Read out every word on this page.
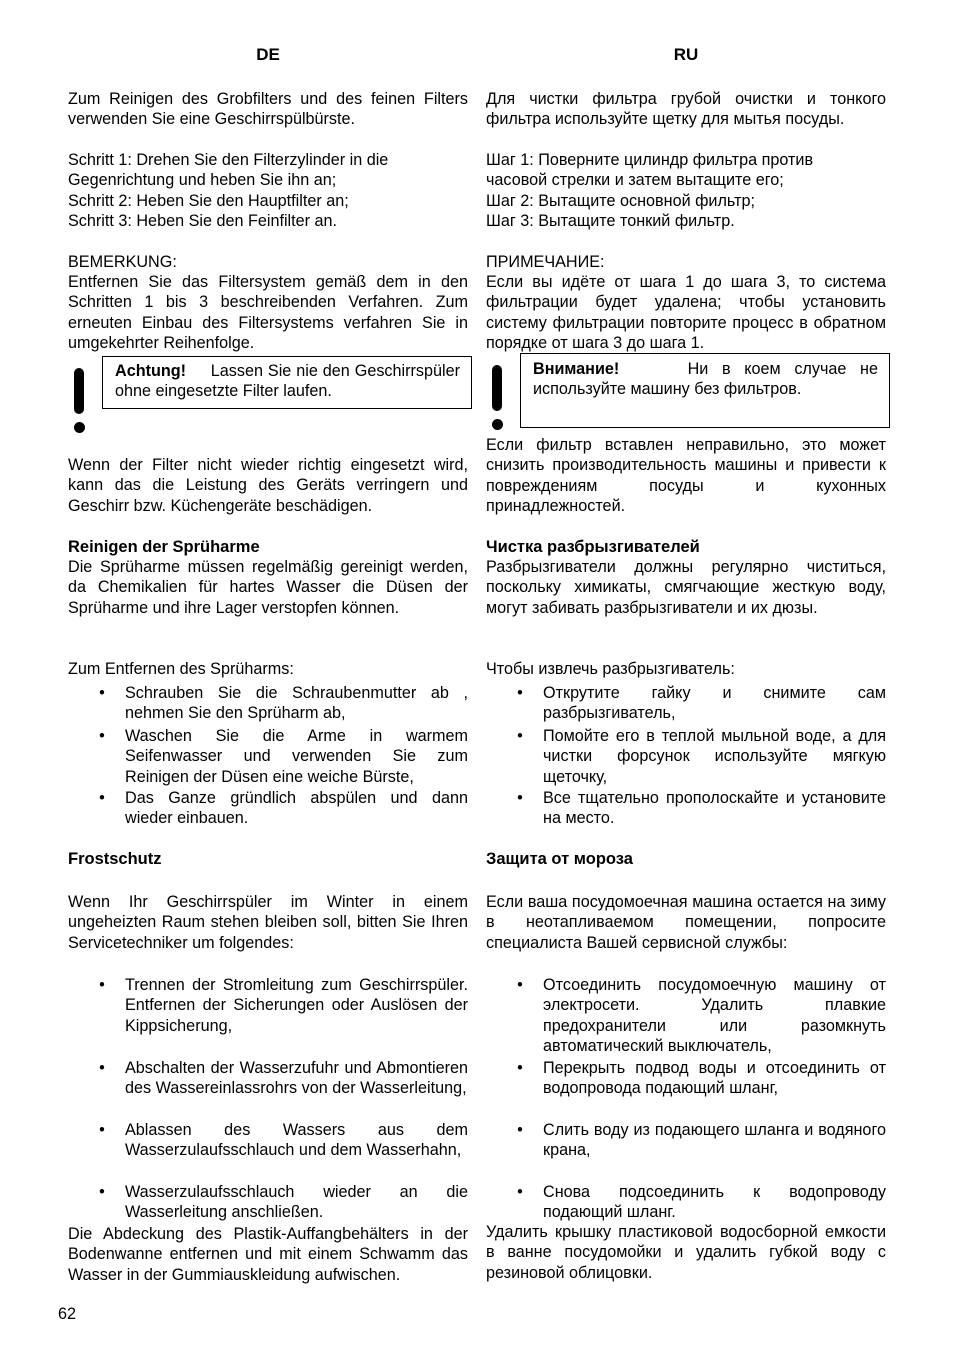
DE

Zum Reinigen des Grobfilters und des feinen Filters verwenden Sie eine Geschirrspülbürste.

Schritt 1: Drehen Sie den Filterzylinder in die Gegenrichtung und heben Sie ihn an;
Schritt 2: Heben Sie den Hauptfilter an;
Schritt 3: Heben Sie den Feinfilter an.
BEMERKUNG:

Entfernen Sie das Filtersystem gemäß dem in den Schritten 1 bis 3 beschreibenden Verfahren. Zum erneuten Einbau des Filtersystems verfahren Sie in umgekehrter Reihenfolge.

Achtung! Lassen Sie nie den Geschirrspüler ohne eingesetzte Filter laufen.

Wenn der Filter nicht wieder richtig eingesetzt wird, kann das die Leistung des Geräts verringern und Geschirr bzw. Küchengeräte beschädigen.

Reinigen der Sprüharme

Die Sprüharme müssen regelmäßig gereinigt werden, da Chemikalien für hartes Wasser die Düsen der Sprüharme und ihre Lager verstopfen können.

Zum Entfernen des Sprüharms:
• Schrauben Sie die Schraubenmutter ab , nehmen Sie den Sprüharm ab,
• Waschen Sie die Arme in warmem Seifenwasser und verwenden Sie zum Reinigen der Düsen eine weiche Bürste,
• Das Ganze gründlich abspülen und dann wieder einbauen.
Frostschutz

Wenn Ihr Geschirrspüler im Winter in einem ungeheizten Raum stehen bleiben soll, bitten Sie Ihren Servicetechniker um folgendes:

• Trennen der Stromleitung zum Geschirrspüler. Entfernen der Sicherungen oder Auslösen der Kippsicherung,
• Abschalten der Wasserzufuhr und Abmontieren des Wassereinlassrohrs von der Wasserleitung,
• Ablassen des Wassers aus dem Wasserzulaufsschlauch und dem Wasserhahn,
• Wasserzulaufsschlauch wieder an die Wasserleitung anschließen.

Die Abdeckung des Plastik-Auffangbehälters in der Bodenwanne entfernen und mit einem Schwamm das Wasser in der Gummiauskleidung aufwischen.

RU

Для чистки фильтра грубой очистки и тонкого фильтра используйте щетку для мытья посуды.

Шаг 1: Поверните цилиндр фильтра против часовой стрелки и затем вытащите его;
Шаг 2: Вытащите основной фильтр;
Шаг 3: Вытащите тонкий фильтр.
ПРИМЕЧАНИЕ:

Если вы идёте от шага 1 до шага 3, то система фильтрации будет удалена; чтобы установить систему фильтрации повторите процесс в обратном порядке от шага 3 до шага 1.

Внимание!	Ни в коем случае не используйте машину без фильтров.

Если фильтр вставлен неправильно, это может снизить производительность машины и привести к повреждениям посуды и кухонных принадлежностей.

Чистка разбрызгивателей

Разбрызгиватели должны регулярно чиститься, поскольку химикаты, смягчающие жесткую воду, могут забивать разбрызгиватели и их дюзы.

Чтобы извлечь разбрызгиватель:
• Открутите гайку и снимите сам разбрызгиватель,
• Помойте его в теплой мыльной воде, а для чистки форсунок используйте мягкую щеточку,
• Все тщательно прополоскайте и установите на место.
Защита от мороза

Если ваша посудомоечная машина остается на зиму в неотапливаемом помещении, попросите специалиста Вашей сервисной службы:

• Отсоединить посудомоечную машину от электросети. Удалить плавкие предохранители или разомкнуть автоматический выключатель,
• Перекрыть подвод воды и отсоединить от водопровода подающий шланг,
• Слить воду из подающего шланга и водяного крана,
• Снова подсоединить к водопроводу подающий шланг.

Удалить крышку пластиковой водосборной емкости в ванне посудомойки и удалить губкой воду с резиновой облицовки.

62
